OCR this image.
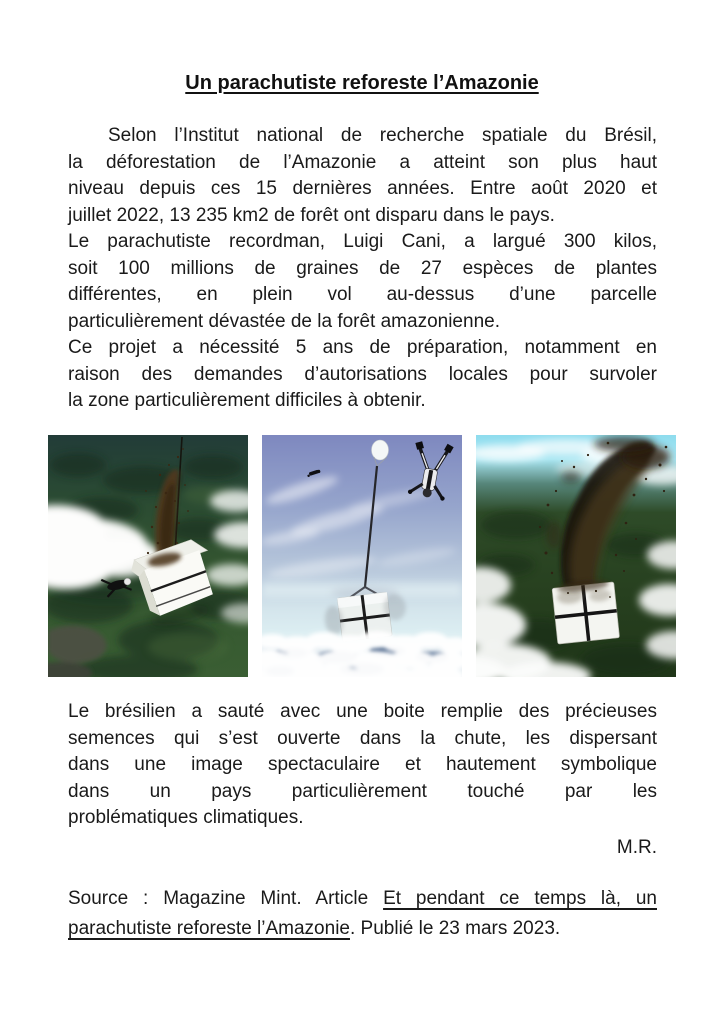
Un parachutiste reforeste l’Amazonie
Selon l’Institut national de recherche spatiale du Brésil,
la déforestation de l’Amazonie a atteint son plus haut
niveau depuis ces 15 dernières années. Entre août 2020 et
juillet 2022, 13 235 km2 de forêt ont disparu dans le pays.
Le parachutiste recordman, Luigi Cani, a largué 300 kilos,
soit 100 millions de graines de 27 espèces de plantes
différentes, en plein vol au-dessus d’une parcelle
particulièrement dévastée de la forêt amazonienne.
Ce projet a nécessité 5 ans de préparation, notamment en
raison des demandes d’autorisations locales pour survoler
la zone particulièrement difficiles à obtenir.
Le brésilien a sauté avec une boite remplie des précieuses
semences qui s’est ouverte dans la chute, les dispersant
dans une image spectaculaire et hautement symbolique
dans un pays particulièrement touché par les
problématiques climatiques.
M.R.
Source : Magazine Mint. Article Et pendant ce temps là, un
parachutiste reforeste l’Amazonie. Publié le 23 mars 2023.
